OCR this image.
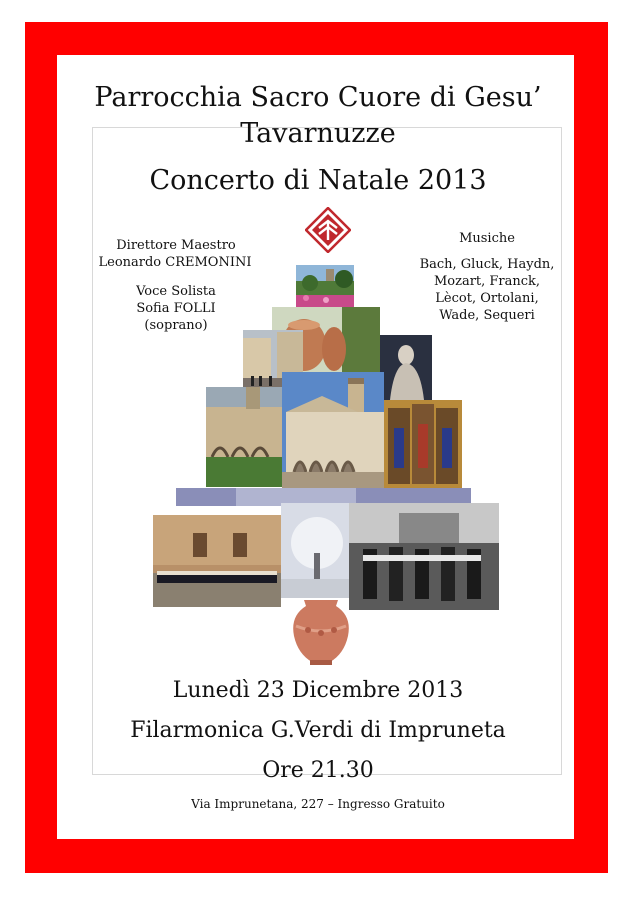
Parrocchia Sacro Cuore di Gesu’
Tavarnuzze
Concerto di Natale 2013
Direttore Maestro
Leonardo CREMONINI
Voce Solista
Sofia FOLLI
(soprano)
Musiche
Bach, Gluck, Haydn,
Mozart, Franck,
Lècot, Ortolani,
Wade, Sequeri
Lunedì 23 Dicembre 2013
Filarmonica G.Verdi di Impruneta
Ore 21.30
Via Imprunetana, 227 – Ingresso Gratuito
